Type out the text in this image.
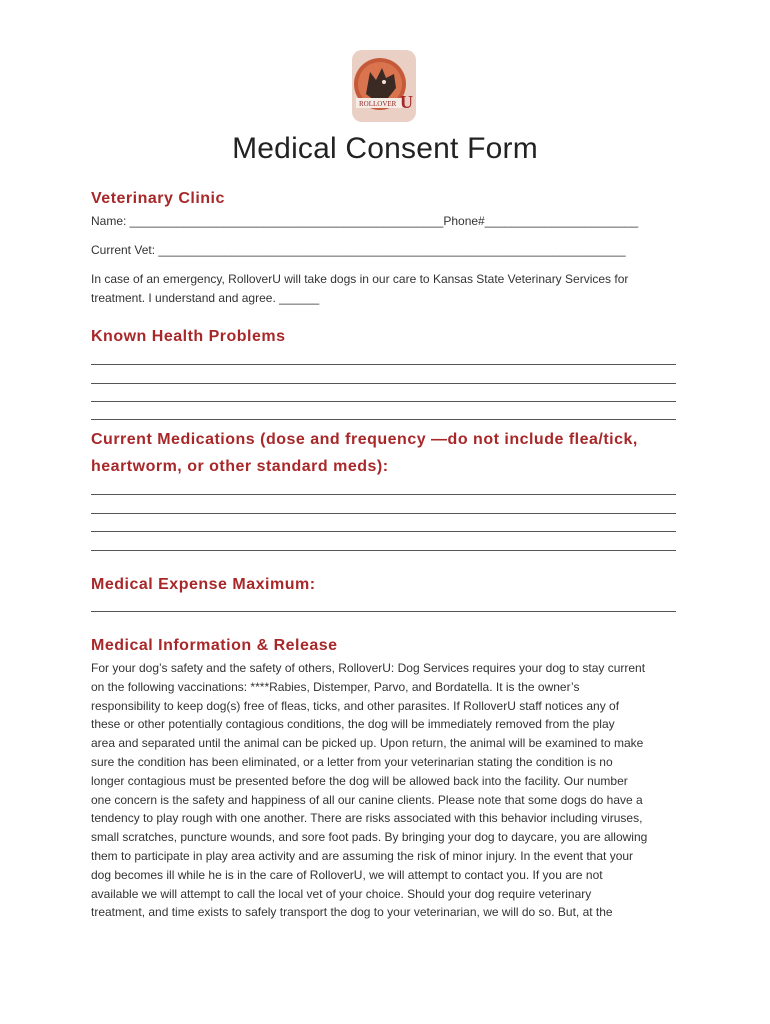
ROLLOVER U
Medical Consent Form
Veterinary Clinic
Name: _______________________________________________Phone#_______________________
Current Vet: ______________________________________________________________________
In case of an emergency, RolloverU will take dogs in our care to Kansas State Veterinary Services for
treatment. I understand and agree. ______
Known Health Problems
Current Medications (dose and frequency —do not include flea/tick,
heartworm, or other standard meds):
Medical Expense Maximum:
Medical Information & Release
For your dog’s safety and the safety of others, RolloverU: Dog Services requires your dog to stay current
on the following vaccinations: ****Rabies, Distemper, Parvo, and Bordatella. It is the owner’s
responsibility to keep dog(s) free of fleas, ticks, and other parasites. If RolloverU staff notices any of
these or other potentially contagious conditions, the dog will be immediately removed from the play
area and separated until the animal can be picked up. Upon return, the animal will be examined to make
sure the condition has been eliminated, or a letter from your veterinarian stating the condition is no
longer contagious must be presented before the dog will be allowed back into the facility. Our number
one concern is the safety and happiness of all our canine clients. Please note that some dogs do have a
tendency to play rough with one another. There are risks associated with this behavior including viruses,
small scratches, puncture wounds, and sore foot pads. By bringing your dog to daycare, you are allowing
them to participate in play area activity and are assuming the risk of minor injury. In the event that your
dog becomes ill while he is in the care of RolloverU, we will attempt to contact you. If you are not
available we will attempt to call the local vet of your choice. Should your dog require veterinary
treatment, and time exists to safely transport the dog to your veterinarian, we will do so. But, at the
